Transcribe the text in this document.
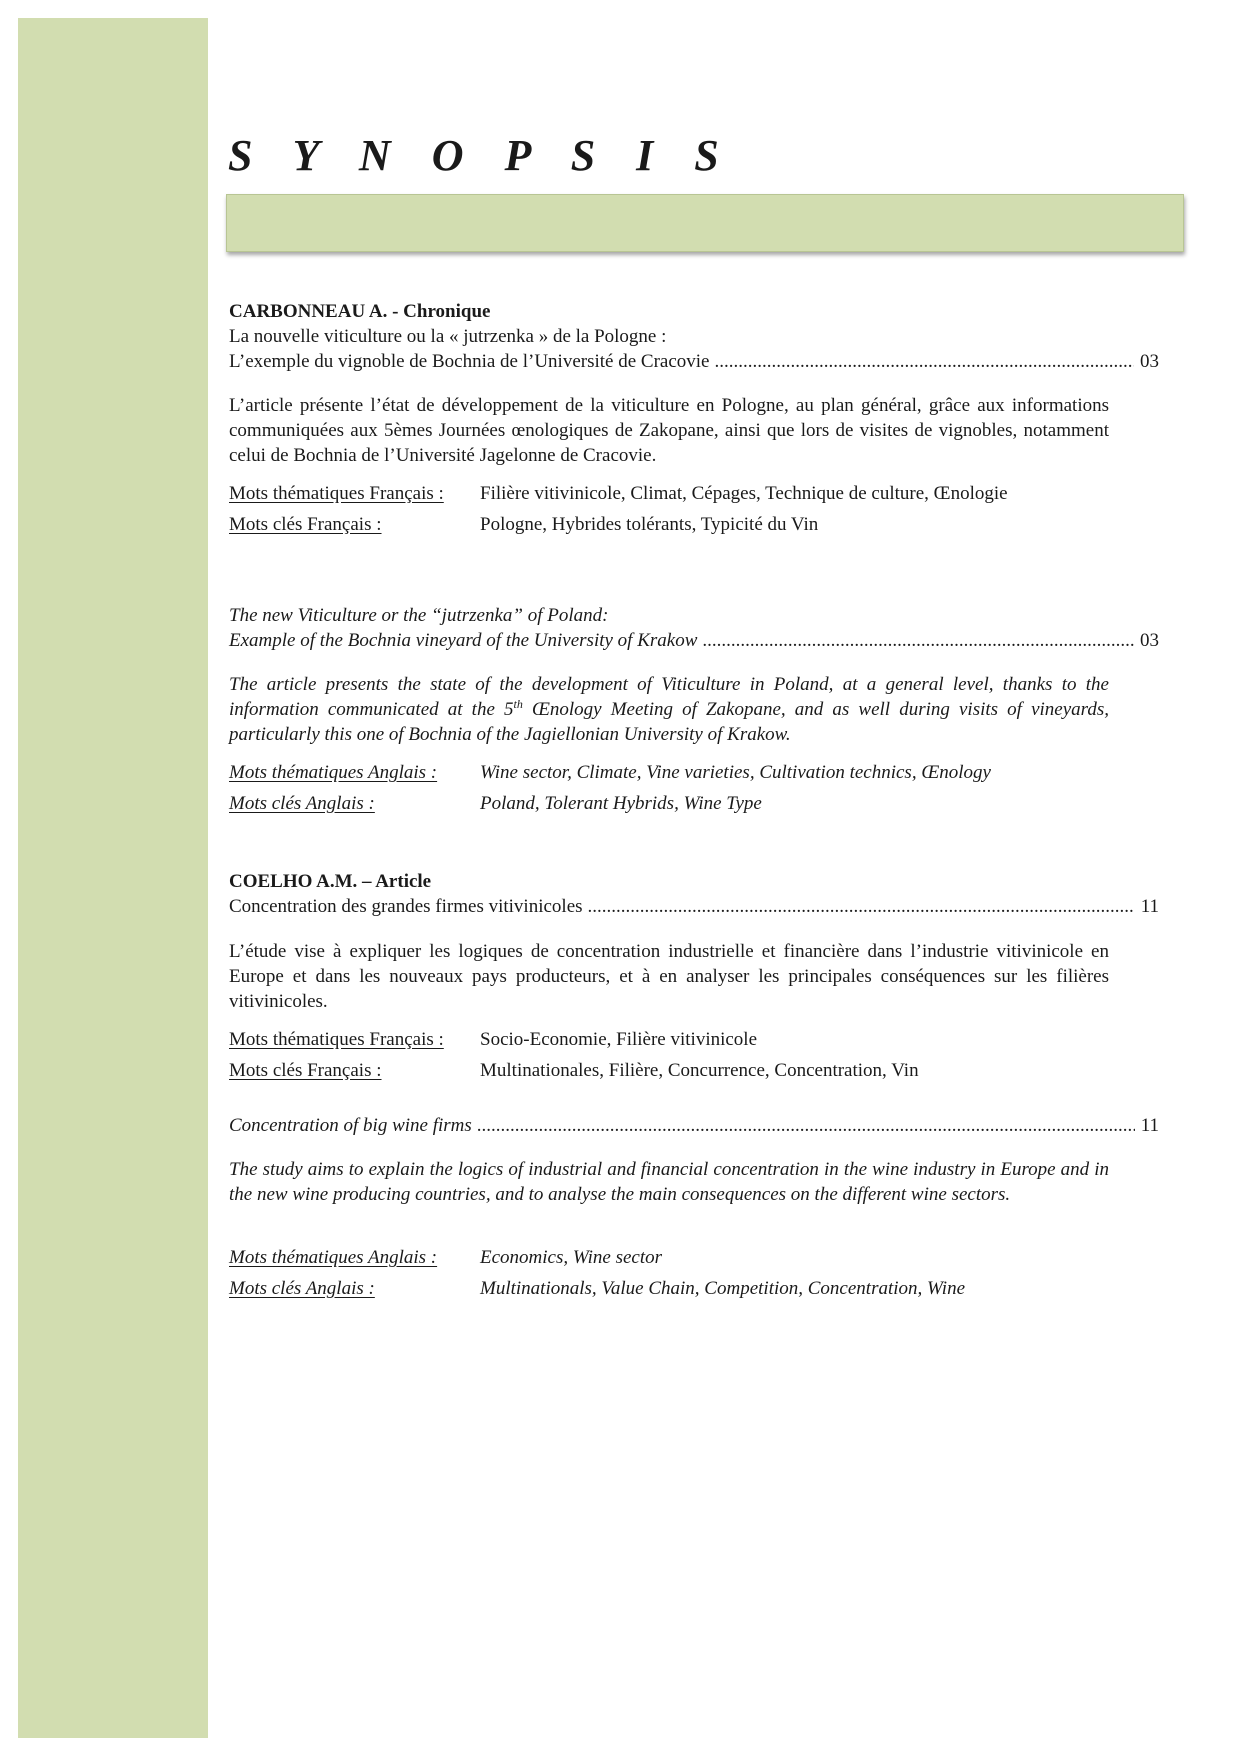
S Y N O P S I S
CARBONNEAU A. - Chronique
La nouvelle viticulture ou la « jutrzenka » de la Pologne :
L’exemple du vignoble de Bochnia de l’Université de Cracovie .....	03
L’article présente l’état de développement de la viticulture en Pologne, au plan général, grâce aux informations communiquées aux 5èmes Journées œnologiques de Zakopane, ainsi que lors de visites de vignobles, notamment celui de Bochnia de l’Université Jagelonne de Cracovie.
Mots thématiques Français : Filière vitivinicole, Climat, Cépages, Technique de culture, Œnologie
Mots clés Français :	Pologne, Hybrides tolérants, Typicité du Vin
The new Viticulture or the “jutrzenka” of Poland:
Example of the Bochnia vineyard of the University of Krakow .....	03
The article presents the state of the development of Viticulture in Poland, at a general level, thanks to the information communicated at the 5th Œnology Meeting of Zakopane, and as well during visits of vineyards, particularly this one of Bochnia of the Jagiellonian University of Krakow.
Mots thématiques Anglais : Wine sector, Climate, Vine varieties, Cultivation technics, Œnology
Mots clés Anglais :	Poland, Tolerant Hybrids, Wine Type
COELHO A.M. – Article
Concentration des grandes firmes vitivinicoles .....	11
L’étude vise à expliquer les logiques de concentration industrielle et financière dans l’industrie vitivinicole en Europe et dans les nouveaux pays producteurs, et à en analyser les principales conséquences sur les filières vitivinicoles.
Mots thématiques Français : Socio-Economie, Filière vitivinicole
Mots clés Français :	Multinationales, Filière, Concurrence, Concentration, Vin
Concentration of big wine firms .....	11
The study aims to explain the logics of industrial and financial concentration in the wine industry in Europe and in the new wine producing countries, and to analyse the main consequences on the different wine sectors.
Mots thématiques Anglais : Economics, Wine sector
Mots clés Anglais :	Multinationals, Value Chain, Competition, Concentration, Wine
